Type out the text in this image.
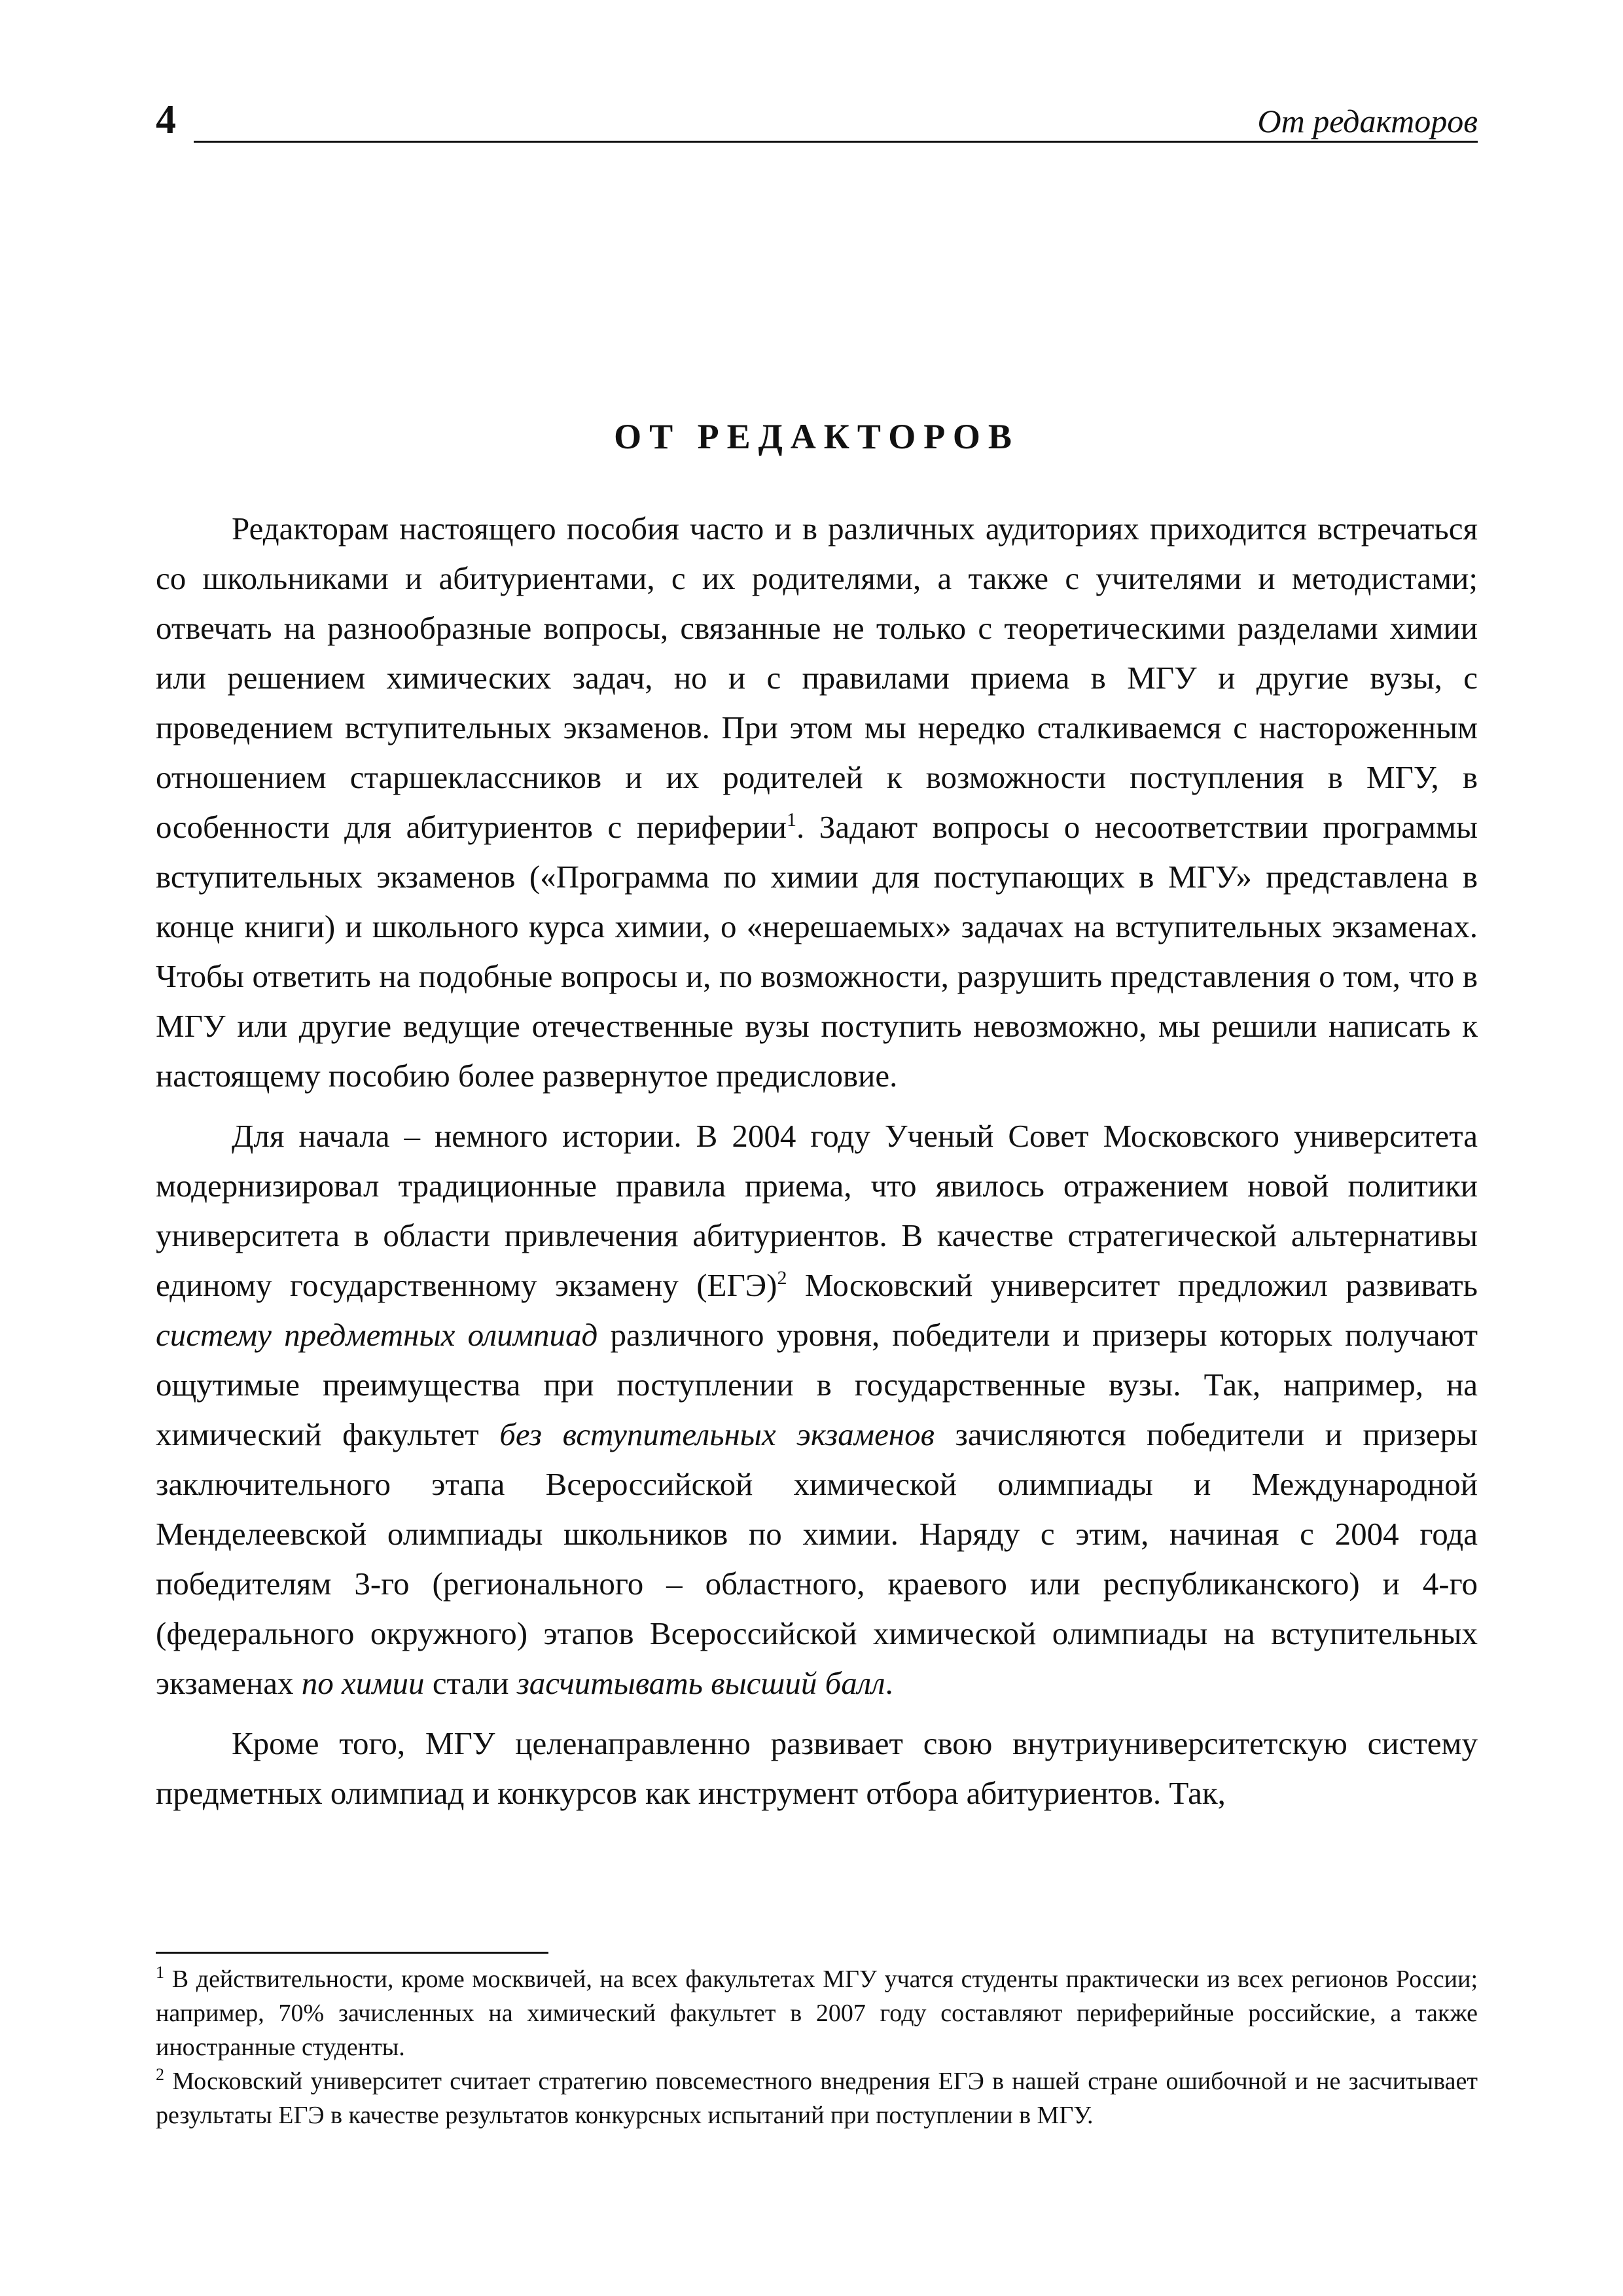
4	От редакторов
ОТ РЕДАКТОРОВ

Редакторам настоящего пособия часто и в различных аудиториях приходится встречаться со школьниками и абитуриентами, с их родителями, а также с учителями и методистами; отвечать на разнообразные вопросы, связанные не только с теоретическими разделами химии или решением химических задач, но и с правилами приема в МГУ и другие вузы, с проведением вступительных экзаменов. При этом мы нередко сталкиваемся с настороженным отношением старшеклассников и их родителей к возможности поступления в МГУ, в особенности для абитуриентов с периферии$^1$. Задают вопросы о несоответствии программы вступительных экзаменов («Программа по химии для поступающих в МГУ» представлена в конце книги) и школьного курса химии, о «нерешаемых» задачах на вступительных экзаменах. Чтобы ответить на подобные вопросы и, по возможности, разрушить представления о том, что в МГУ или другие ведущие отечественные вузы поступить невозможно, мы решили написать к настоящему пособию более развернутое предисловие.

Для начала – немного истории. В 2004 году Ученый Совет Московского университета модернизировал традиционные правила приема, что явилось отражением новой политики университета в области привлечения абитуриентов. В качестве стратегической альтернативы единому государственному экзамену (ЕГЭ)$^2$ Московский университет предложил развивать систему предметных олимпиад различного уровня, победители и призеры которых получают ощутимые преимущества при поступлении в государственные вузы. Так, например, на химический факультет без вступительных экзаменов зачисляются победители и призеры заключительного этапа Всероссийской химической олимпиады и Международной Менделеевской олимпиады школьников по химии. Наряду с этим, начиная с 2004 года победителям 3-го (регионального – областного, краевого или республиканского) и 4-го (федерального окружного) этапов Всероссийской химической олимпиады на вступительных экзаменах по химии стали засчитывать высший балл.

Кроме того, МГУ целенаправленно развивает свою внутриуниверситетскую систему предметных олимпиад и конкурсов как инструмент отбора абитуриентов. Так,

$^1$ В действительности, кроме москвичей, на всех факультетах МГУ учатся студенты практически из всех регионов России; например, 70% зачисленных на химический факультет в 2007 году составляют периферийные российские, а также иностранные студенты.

$^2$ Московский университет считает стратегию повсеместного внедрения ЕГЭ в нашей стране ошибочной и не засчитывает результаты ЕГЭ в качестве результатов конкурсных испытаний при поступлении в МГУ.
